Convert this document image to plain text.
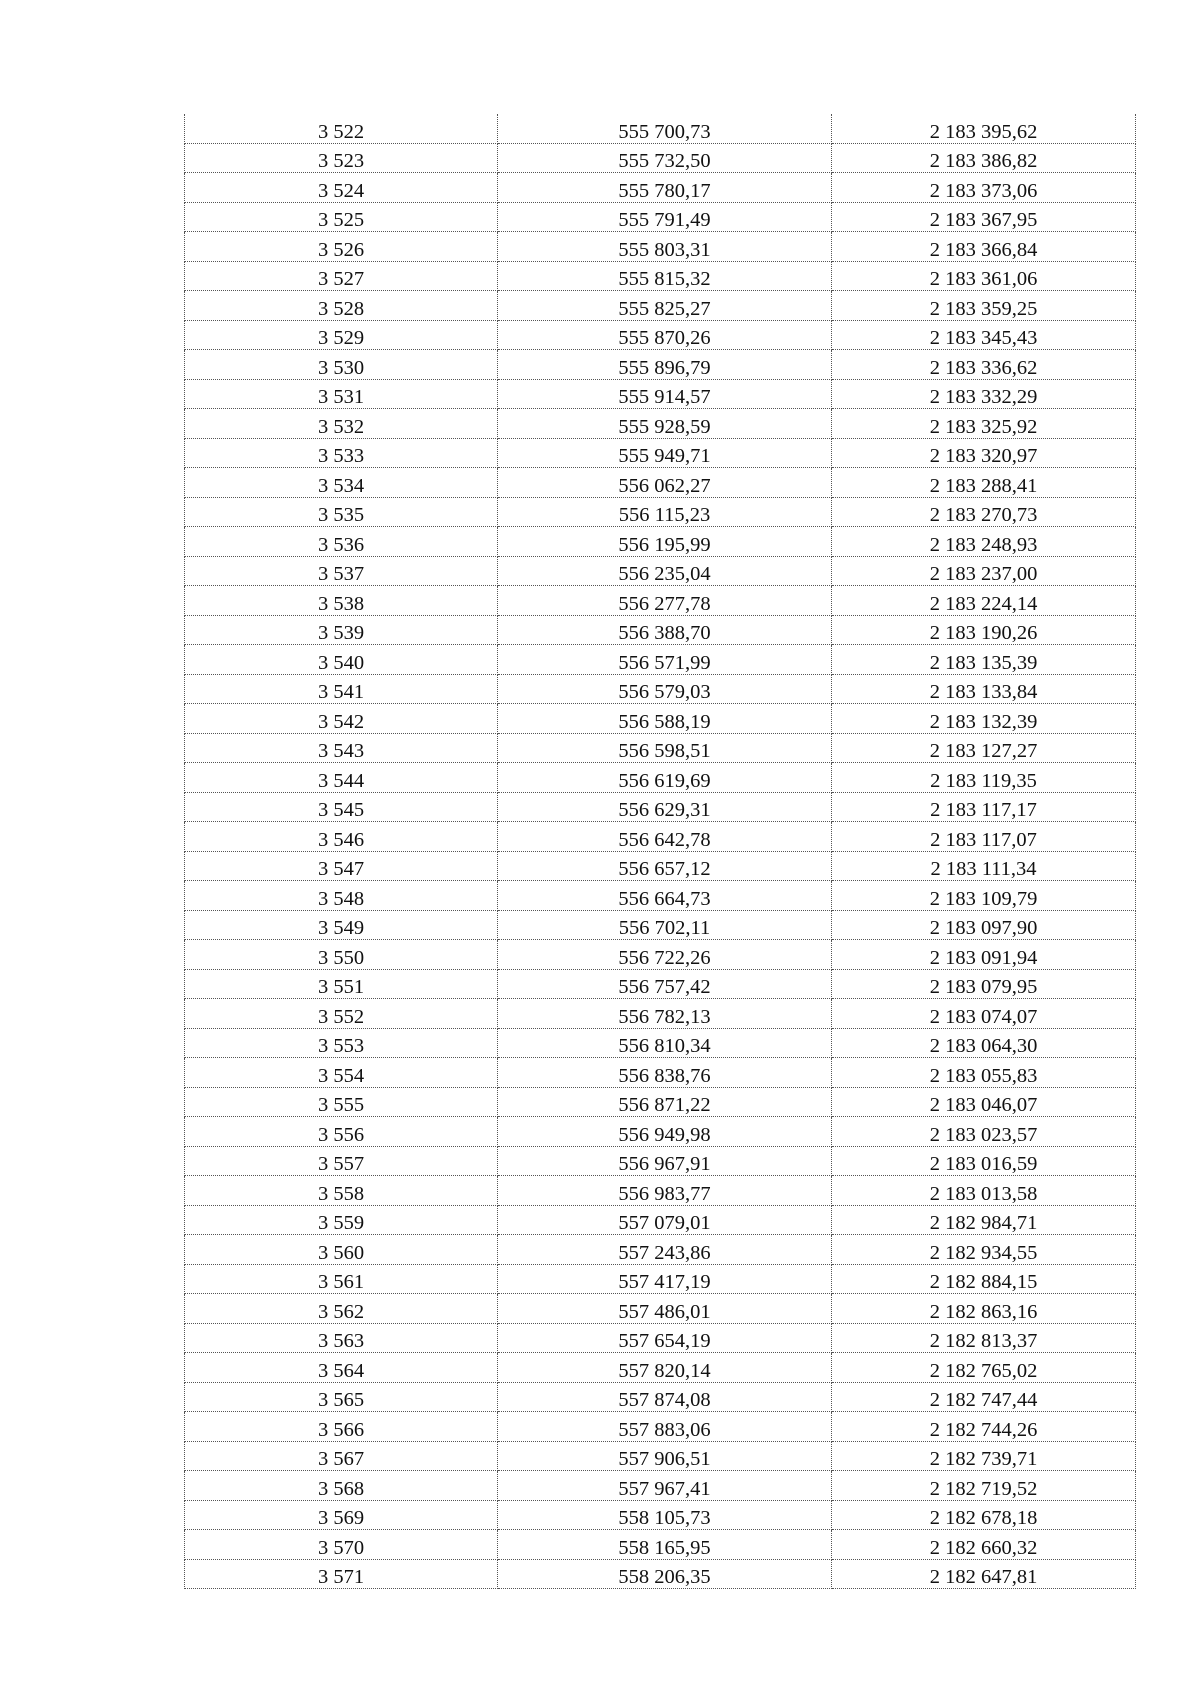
3 522	555 700,73	2 183 395,62
3 523	555 732,50	2 183 386,82
3 524	555 780,17	2 183 373,06
3 525	555 791,49	2 183 367,95
3 526	555 803,31	2 183 366,84
3 527	555 815,32	2 183 361,06
3 528	555 825,27	2 183 359,25
3 529	555 870,26	2 183 345,43
3 530	555 896,79	2 183 336,62
3 531	555 914,57	2 183 332,29
3 532	555 928,59	2 183 325,92
3 533	555 949,71	2 183 320,97
3 534	556 062,27	2 183 288,41
3 535	556 115,23	2 183 270,73
3 536	556 195,99	2 183 248,93
3 537	556 235,04	2 183 237,00
3 538	556 277,78	2 183 224,14
3 539	556 388,70	2 183 190,26
3 540	556 571,99	2 183 135,39
3 541	556 579,03	2 183 133,84
3 542	556 588,19	2 183 132,39
3 543	556 598,51	2 183 127,27
3 544	556 619,69	2 183 119,35
3 545	556 629,31	2 183 117,17
3 546	556 642,78	2 183 117,07
3 547	556 657,12	2 183 111,34
3 548	556 664,73	2 183 109,79
3 549	556 702,11	2 183 097,90
3 550	556 722,26	2 183 091,94
3 551	556 757,42	2 183 079,95
3 552	556 782,13	2 183 074,07
3 553	556 810,34	2 183 064,30
3 554	556 838,76	2 183 055,83
3 555	556 871,22	2 183 046,07
3 556	556 949,98	2 183 023,57
3 557	556 967,91	2 183 016,59
3 558	556 983,77	2 183 013,58
3 559	557 079,01	2 182 984,71
3 560	557 243,86	2 182 934,55
3 561	557 417,19	2 182 884,15
3 562	557 486,01	2 182 863,16
3 563	557 654,19	2 182 813,37
3 564	557 820,14	2 182 765,02
3 565	557 874,08	2 182 747,44
3 566	557 883,06	2 182 744,26
3 567	557 906,51	2 182 739,71
3 568	557 967,41	2 182 719,52
3 569	558 105,73	2 182 678,18
3 570	558 165,95	2 182 660,32
3 571	558 206,35	2 182 647,81
